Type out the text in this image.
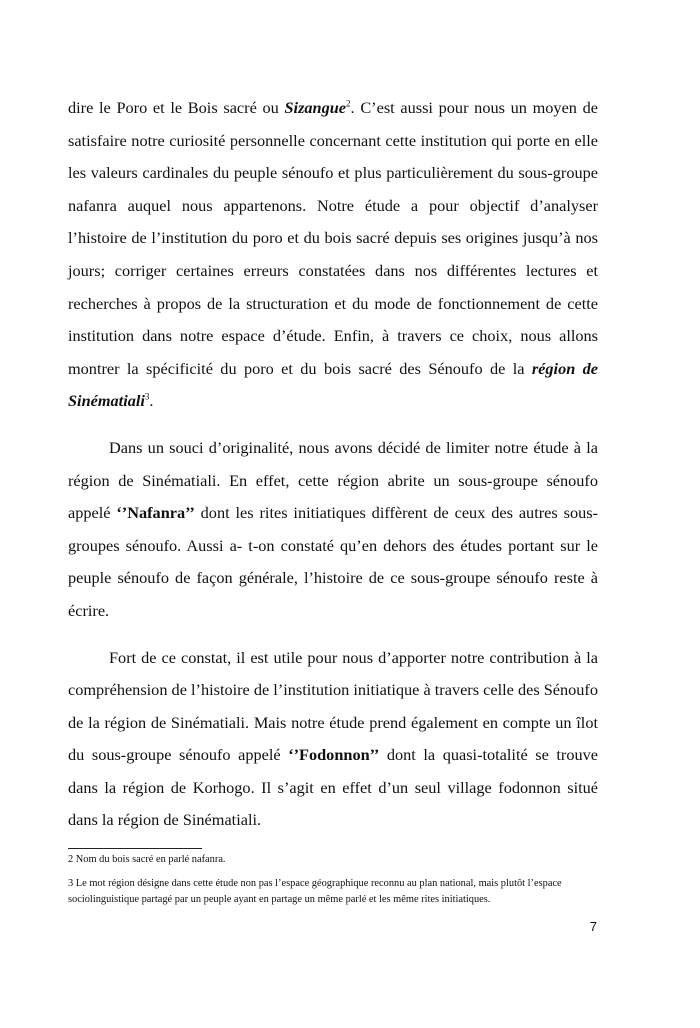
dire le Poro et le Bois sacré ou Sizangue$^2$. C’est aussi pour nous un moyen de satisfaire notre curiosité personnelle concernant cette institution qui porte en elle les valeurs cardinales du peuple sénoufo et plus particulièrement du sous-groupe nafanra auquel nous appartenons. Notre étude a pour objectif d’analyser l’histoire de l’institution du poro et du bois sacré depuis ses origines jusqu’à nos jours; corriger certaines erreurs constatées dans nos différentes lectures et recherches à propos de la structuration et du mode de fonctionnement de cette institution dans notre espace d’étude. Enfin, à travers ce choix, nous allons montrer la spécificité du poro et du bois sacré des Sénoufo de la région de Sinématiali$^3$.

Dans un souci d’originalité, nous avons décidé de limiter notre étude à la région de Sinématiali. En effet, cette région abrite un sous-groupe sénoufo appelé ‘’Nafanra’’ dont les rites initiatiques diffèrent de ceux des autres sous-groupes sénoufo. Aussi a- t-on constaté qu’en dehors des études portant sur le peuple sénoufo de façon générale, l’histoire de ce sous-groupe sénoufo reste à écrire.

Fort de ce constat, il est utile pour nous d’apporter notre contribution à la compréhension de l’histoire de l’institution initiatique à travers celle des Sénoufo de la région de Sinématiali. Mais notre étude prend également en compte un îlot du sous-groupe sénoufo appelé ‘’Fodonnon’’ dont la quasi-totalité se trouve dans la région de Korhogo. Il s’agit en effet d’un seul village fodonnon situé dans la région de Sinématiali.

2 Nom du bois sacré en parlé nafanra.

3 Le mot région désigne dans cette étude non pas l’espace géographique reconnu au plan national, mais plutôt l’espace sociolinguistique partagé par un peuple ayant en partage un même parlé et les même rites initiatiques.

7
